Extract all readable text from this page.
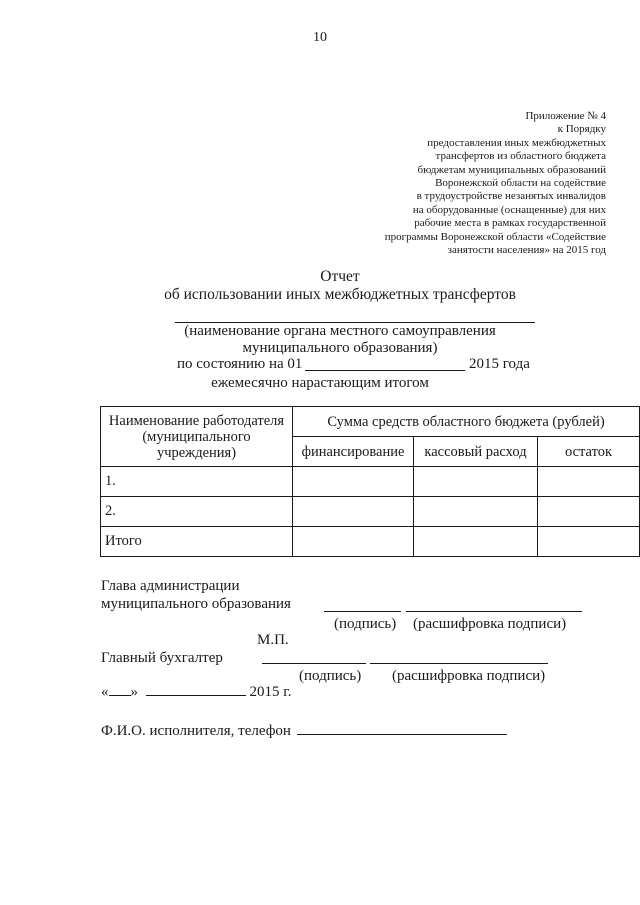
10
Приложение № 4
к Порядку
предоставления иных межбюджетных
трансфертов из областного бюджета
бюджетам муниципальных образований
Воронежской области на содействие
в трудоустройстве незанятых инвалидов
на оборудованные (оснащенные) для них
рабочие места в рамках государственной
программы Воронежской области «Содействие
занятости населения» на 2015 год
Отчет
об использовании иных межбюджетных трансфертов
(наименование органа местного самоуправления
муниципального образования)
по состоянию на 01	2015 года
ежемесячно нарастающим итогом
Наименование работодателя (муниципального учреждения)	Сумма средств областного бюджета (рублей)		
	финансирование	кассовый расход	остаток
1.			
2.			
Итого			
Глава администрации
муниципального образования
(подпись) (расшифровка подписи)
М.П.
Главный бухгалтер
(подпись) (расшифровка подписи)
« »	2015 г.
Ф.И.О. исполнителя, телефон
